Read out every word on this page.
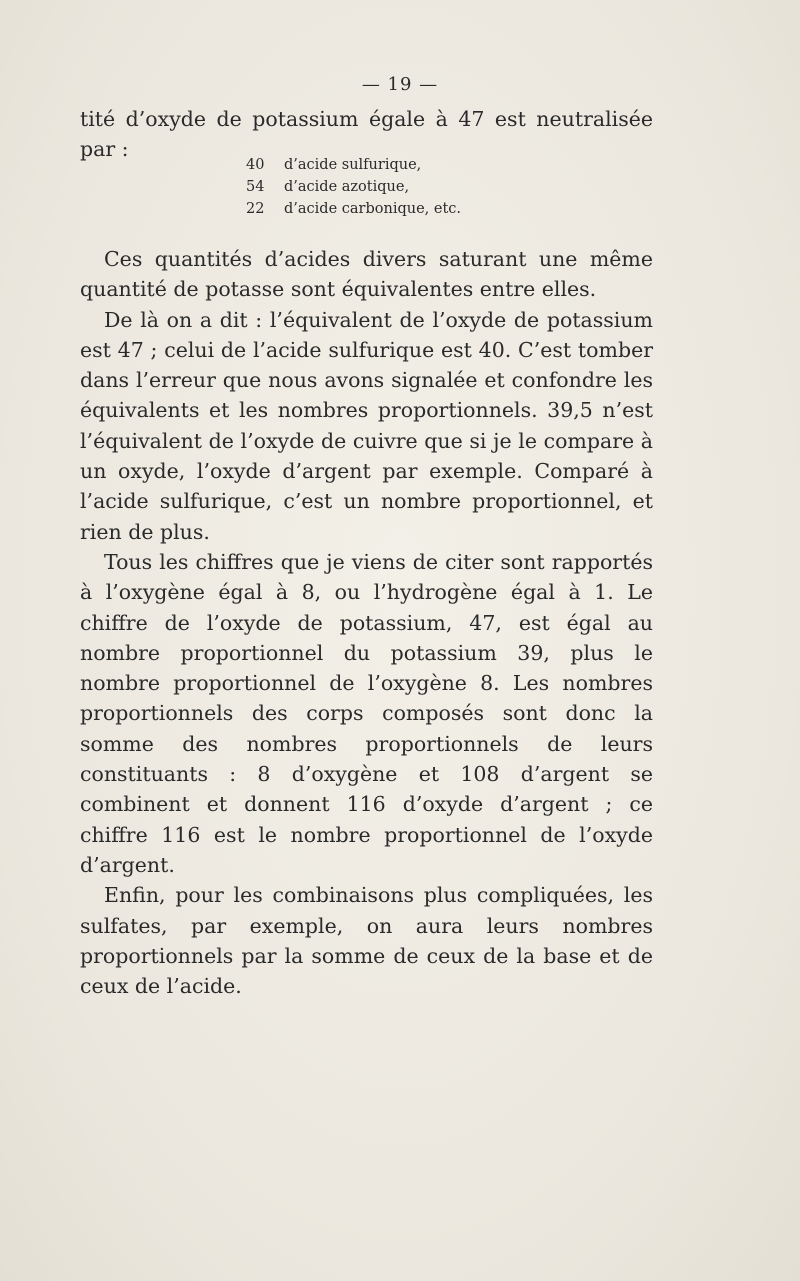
— 19 —
tité d’oxyde de potassium égale à 47 est neutralisée par :
40 d’acide sulfurique,
54 d’acide azotique,
22 d’acide carbonique, etc.

Ces quantités d’acides divers saturant une même quantité de potasse sont équivalentes entre elles.

De là on a dit : l’équivalent de l’oxyde de potassium est 47 ; celui de l’acide sulfurique est 40. C’est tomber dans l’erreur que nous avons signalée et confondre les équivalents et les nombres proportionnels. 39,5 n’est l’équivalent de l’oxyde de cuivre que si je le compare à un oxyde, l’oxyde d’argent par exemple. Comparé à l’acide sulfurique, c’est un nombre proportionnel, et rien de plus.

Tous les chiffres que je viens de citer sont rapportés à l’oxygène égal à 8, ou l’hydrogène égal à 1. Le chiffre de l’oxyde de potassium, 47, est égal au nombre proportionnel du potassium 39, plus le nombre proportionnel de l’oxygène 8. Les nombres proportionnels des corps composés sont donc la somme des nombres proportionnels de leurs constituants : 8 d’oxygène et 108 d’argent se combinent et donnent 116 d’oxyde d’argent ; ce chiffre 116 est le nombre proportionnel de l’oxyde d’argent.

Enfin, pour les combinaisons plus compliquées, les sulfates, par exemple, on aura leurs nombres proportionnels par la somme de ceux de la base et de ceux de l’acide.
